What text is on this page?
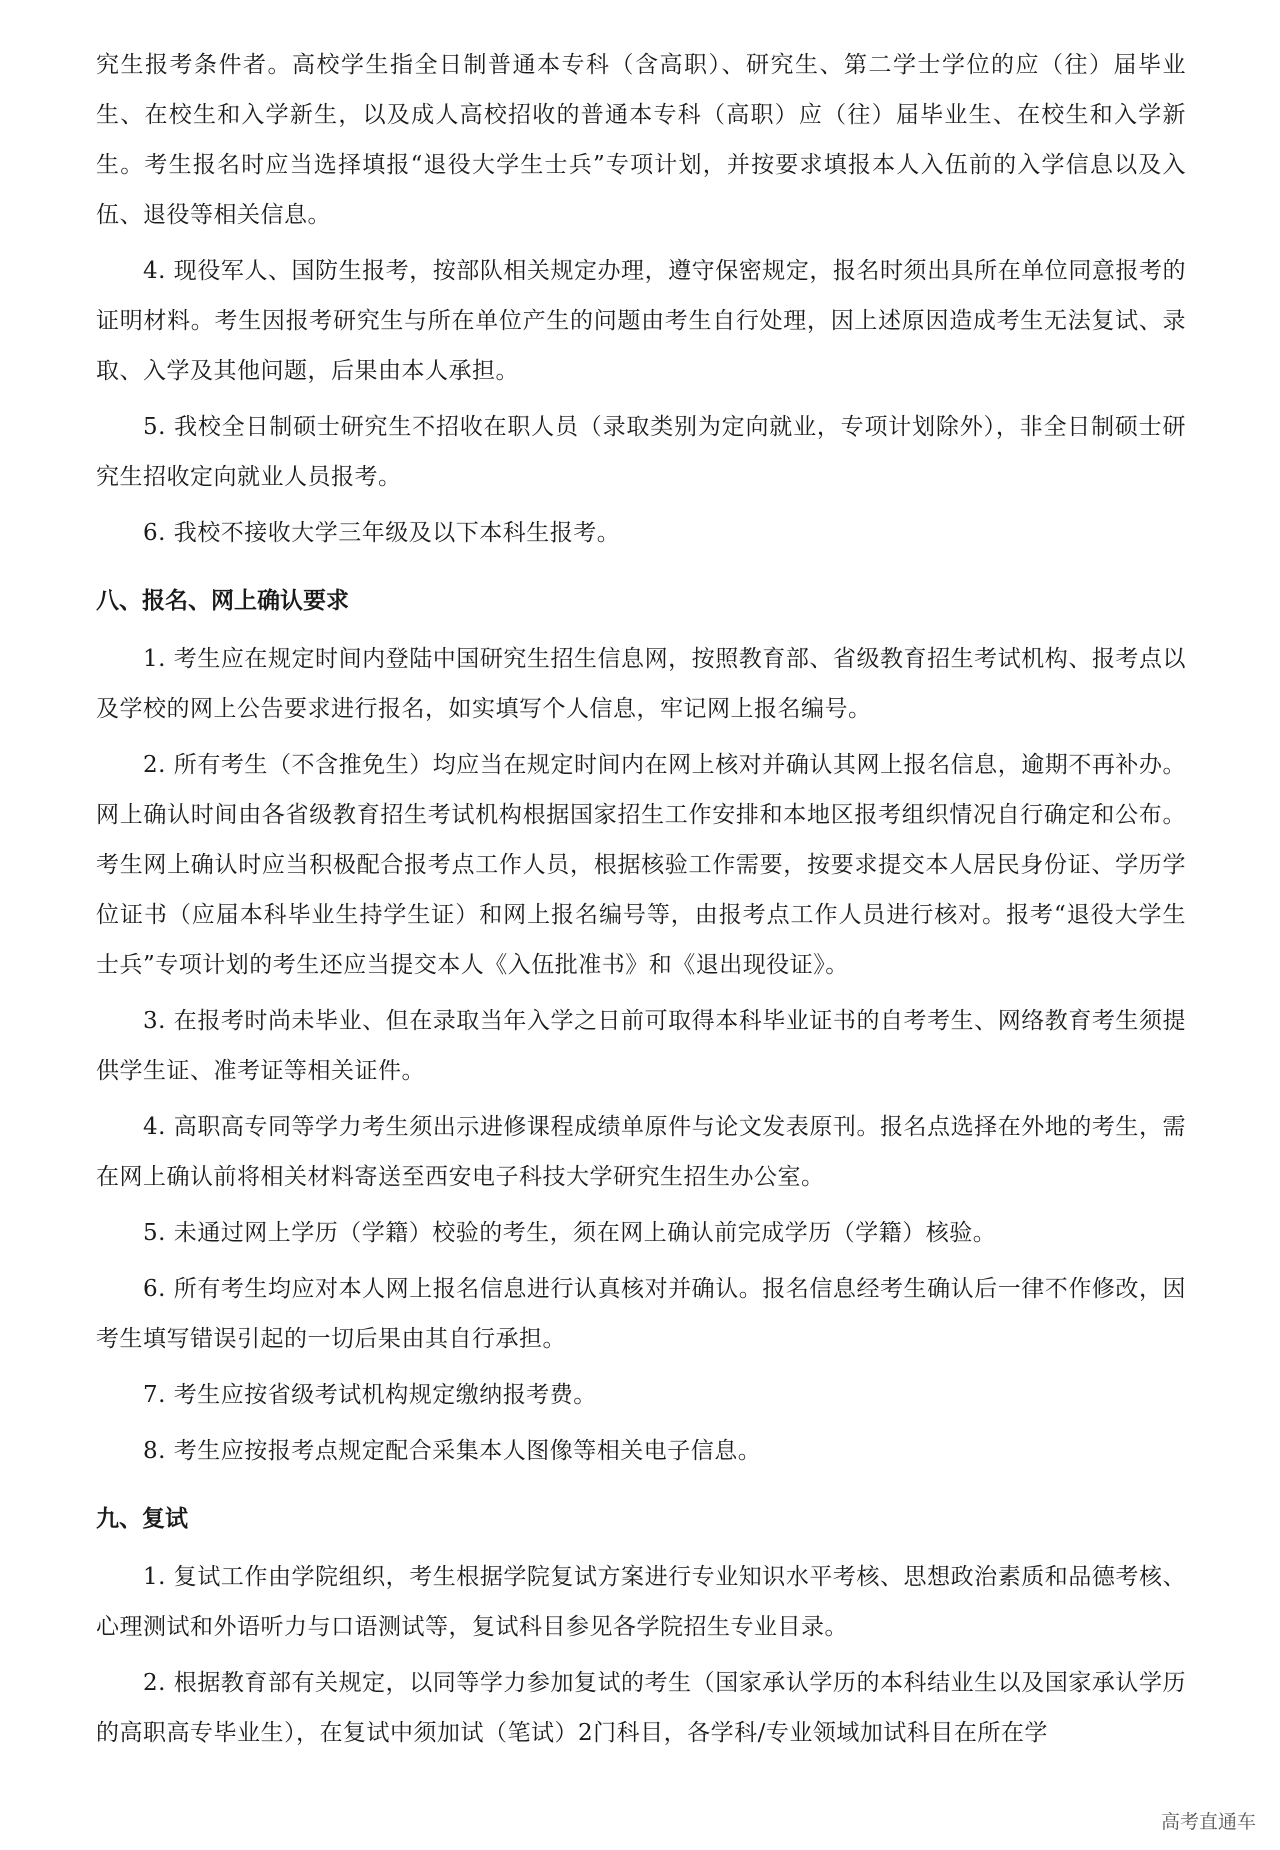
究生报考条件者。高校学生指全日制普通本专科（含高职）、研究生、第二学士学位的应（往）届毕业生、在校生和入学新生，以及成人高校招收的普通本专科（高职）应（往）届毕业生、在校生和入学新生。考生报名时应当选择填报“退役大学生士兵”专项计划，并按要求填报本人入伍前的入学信息以及入伍、退役等相关信息。

4. 现役军人、国防生报考，按部队相关规定办理，遵守保密规定，报名时须出具所在单位同意报考的证明材料。考生因报考研究生与所在单位产生的问题由考生自行处理，因上述原因造成考生无法复试、录取、入学及其他问题，后果由本人承担。

5. 我校全日制硕士研究生不招收在职人员（录取类别为定向就业，专项计划除外），非全日制硕士研究生招收定向就业人员报考。

6. 我校不接收大学三年级及以下本科生报考。

八、报名、网上确认要求

1. 考生应在规定时间内登陆中国研究生招生信息网，按照教育部、省级教育招生考试机构、报考点以及学校的网上公告要求进行报名，如实填写个人信息，牢记网上报名编号。

2. 所有考生（不含推免生）均应当在规定时间内在网上核对并确认其网上报名信息，逾期不再补办。网上确认时间由各省级教育招生考试机构根据国家招生工作安排和本地区报考组织情况自行确定和公布。考生网上确认时应当积极配合报考点工作人员，根据核验工作需要，按要求提交本人居民身份证、学历学位证书（应届本科毕业生持学生证）和网上报名编号等，由报考点工作人员进行核对。报考“退役大学生士兵”专项计划的考生还应当提交本人《入伍批准书》和《退出现役证》。

3. 在报考时尚未毕业、但在录取当年入学之日前可取得本科毕业证书的自考考生、网络教育考生须提供学生证、准考证等相关证件。

4. 高职高专同等学力考生须出示进修课程成绩单原件与论文发表原刊。报名点选择在外地的考生，需在网上确认前将相关材料寄送至西安电子科技大学研究生招生办公室。

5. 未通过网上学历（学籍）校验的考生，须在网上确认前完成学历（学籍）核验。

6. 所有考生均应对本人网上报名信息进行认真核对并确认。报名信息经考生确认后一律不作修改，因考生填写错误引起的一切后果由其自行承担。

7. 考生应按省级考试机构规定缴纳报考费。

8. 考生应按报考点规定配合采集本人图像等相关电子信息。

九、复试

1. 复试工作由学院组织，考生根据学院复试方案进行专业知识水平考核、思想政治素质和品德考核、心理测试和外语听力与口语测试等，复试科目参见各学院招生专业目录。

2. 根据教育部有关规定，以同等学力参加复试的考生（国家承认学历的本科结业生以及国家承认学历的高职高专毕业生），在复试中须加试（笔试）2门科目，各学科/专业领域加试科目在所在学

高考直通车
